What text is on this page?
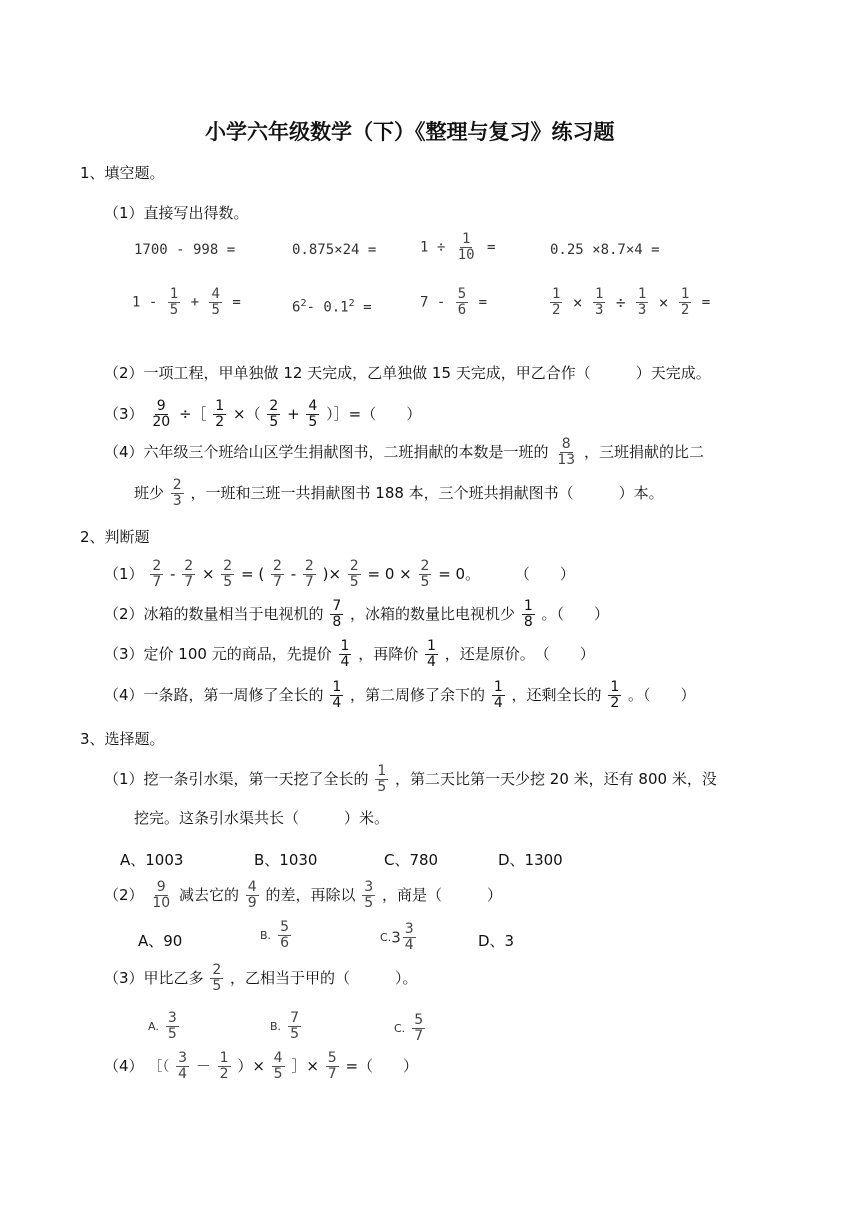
小学六年级数学（下）《整理与复习》练习题
1、填空题。
（1）直接写出得数。
1700 - 998 =	0.875×24 =	$1 \div \frac{1}{10}$ =	0.25 ×8.7×4 =
$1 - \frac{1}{5} + \frac{4}{5}$ =	$6^2-$ $0.1^2$ =	$7 - \frac{5}{6}$ =	$\frac{1}{2} \times \frac{1}{3} \div \frac{1}{3} \times \frac{1}{2}$ =
（2）一项工程，甲单独做 12 天完成，乙单独做 15 天完成，甲乙合作（　　　）天完成。
$(3) \frac{9}{20}$ ÷［ $\frac{1}{2}$ ×（ $\frac{2}{5} + \frac{4}{5}$ ）］=（　　）
（4）六年级三个班给山区学生捐献图书，二班捐献的本数是一班的 $\frac{8}{13}$ ，三班捐献的比二
班少 $\frac{2}{3}$ ，一班和三班一共捐献图书 188 本，三个班共捐献图书（　　　）本。
2、判断题
$(1) \frac{2}{7} - \frac{2}{7} \times \frac{2}{5}$ = ( $\frac{2}{7} - \frac{2}{7}$ )× $\frac{2}{5} = 0 \times \frac{2}{5} = 0$。 （　　）
（2）冰箱的数量相当于电视机的 $\frac{7}{8}$ ，冰箱的数量比电视机少 $\frac{1}{8}$ 。（　　）
（3）定价 100 元的商品，先提价 $\frac{1}{4}$ ，再降价 $\frac{1}{4}$ ，还是原价。　（　　）
（4）一条路，第一周修了全长的 $\frac{1}{4}$ ，第二周修了余下的 $\frac{1}{4}$ ，还剩全长的 $\frac{1}{2}$ 。（　　）
3、选择题。
（1）挖一条引水渠，第一天挖了全长的 $\frac{1}{5}$ ，第二天比第一天少挖 20 米，还有 800 米，没
挖完。这条引水渠共长（　　　）米。
A、1003	B、1030	C、780	D、1300
$(2) \frac{9}{10}$ 减去它的 $\frac{4}{9}$ 的差，再除以 $\frac{3}{5}$ ，商是（　　　）
A、90	B. $\frac{5}{6}$	$C.3 \frac{3}{4}$	D、3
（3）甲比乙多 $\frac{2}{5}$ ，乙相当于甲的（　　　）。
A. $\frac{3}{5}$	B. $\frac{7}{5}$	C. $\frac{5}{7}$
（4） ［（ $\frac{3}{4} - \frac{1}{2}$ ）× $\frac{4}{5}$ ］× $\frac{5}{7}$ =（　　）
